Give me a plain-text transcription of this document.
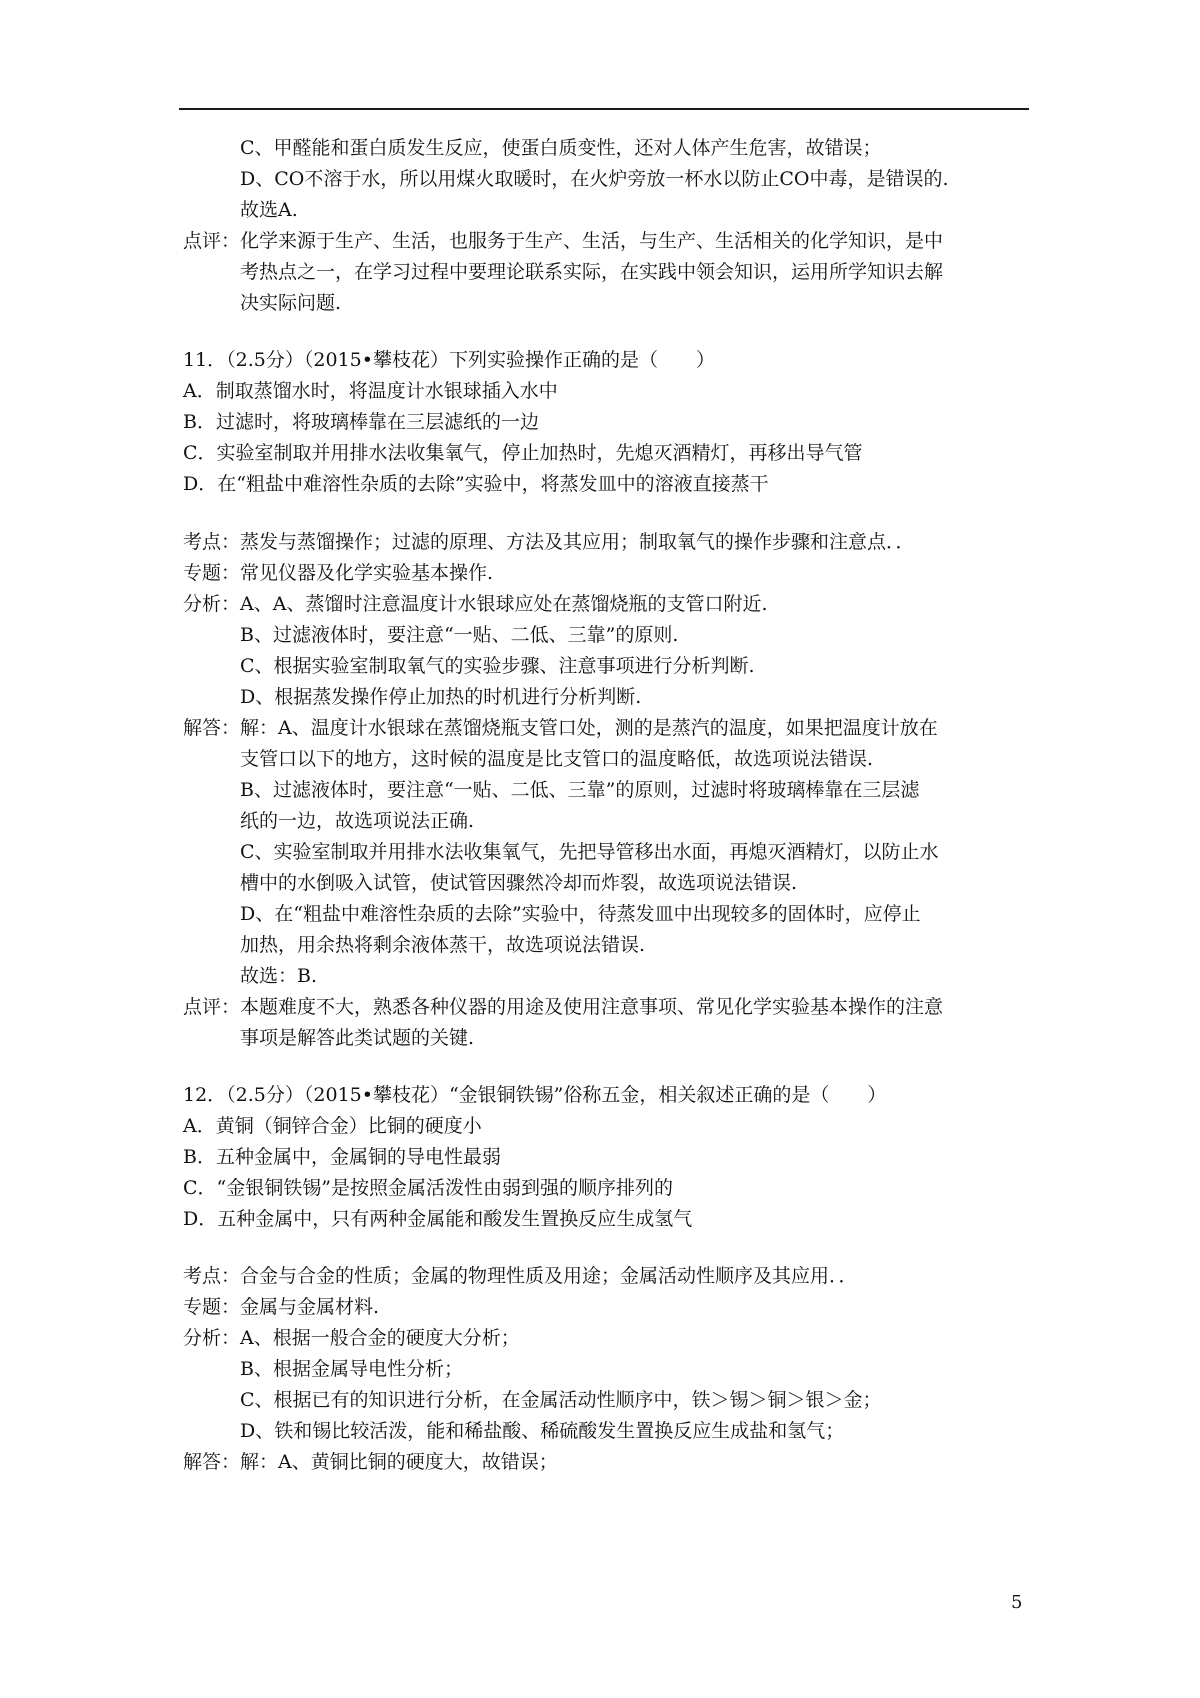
C、甲醛能和蛋白质发生反应，使蛋白质变性，还对人体产生危害，故错误；
D、CO不溶于水，所以用煤火取暖时，在火炉旁放一杯水以防止CO中毒，是错误的.
故选A.
点评：化学来源于生产、生活，也服务于生产、生活，与生产、生活相关的化学知识，是中
考热点之一，在学习过程中要理论联系实际，在实践中领会知识，运用所学知识去解
决实际问题.
11．（2.5分）（2015•攀枝花）下列实验操作正确的是（　　）
A．制取蒸馏水时，将温度计水银球插入水中
B．过滤时，将玻璃棒靠在三层滤纸的一边
C．实验室制取并用排水法收集氧气，停止加热时，先熄灭酒精灯，再移出导气管
D．在“粗盐中难溶性杂质的去除”实验中，将蒸发皿中的溶液直接蒸干
考点：蒸发与蒸馏操作；过滤的原理、方法及其应用；制取氧气的操作步骤和注意点．．
专题：常见仪器及化学实验基本操作.
分析：A、A、蒸馏时注意温度计水银球应处在蒸馏烧瓶的支管口附近.
B、过滤液体时，要注意“一贴、二低、三靠”的原则.
C、根据实验室制取氧气的实验步骤、注意事项进行分析判断.
D、根据蒸发操作停止加热的时机进行分析判断.
解答：解：A、温度计水银球在蒸馏烧瓶支管口处，测的是蒸汽的温度，如果把温度计放在
支管口以下的地方，这时候的温度是比支管口的温度略低，故选项说法错误.
B、过滤液体时，要注意“一贴、二低、三靠”的原则，过滤时将玻璃棒靠在三层滤
纸的一边，故选项说法正确.
C、实验室制取并用排水法收集氧气，先把导管移出水面，再熄灭酒精灯，以防止水
槽中的水倒吸入试管，使试管因骤然冷却而炸裂，故选项说法错误.
D、在“粗盐中难溶性杂质的去除”实验中，待蒸发皿中出现较多的固体时，应停止
加热，用余热将剩余液体蒸干，故选项说法错误.
故选：B.
点评：本题难度不大，熟悉各种仪器的用途及使用注意事项、常见化学实验基本操作的注意
事项是解答此类试题的关键.
12．（2.5分）（2015•攀枝花）“金银铜铁锡”俗称五金，相关叙述正确的是（　　）
A．黄铜（铜锌合金）比铜的硬度小
B．五种金属中，金属铜的导电性最弱
C．“金银铜铁锡”是按照金属活泼性由弱到强的顺序排列的
D．五种金属中，只有两种金属能和酸发生置换反应生成氢气
考点：合金与合金的性质；金属的物理性质及用途；金属活动性顺序及其应用．．
专题：金属与金属材料.
分析：A、根据一般合金的硬度大分析；
B、根据金属导电性分析；
C、根据已有的知识进行分析，在金属活动性顺序中，铁＞锡＞铜＞银＞金；
D、铁和锡比较活泼，能和稀盐酸、稀硫酸发生置换反应生成盐和氢气；
解答：解：A、黄铜比铜的硬度大，故错误；
5
